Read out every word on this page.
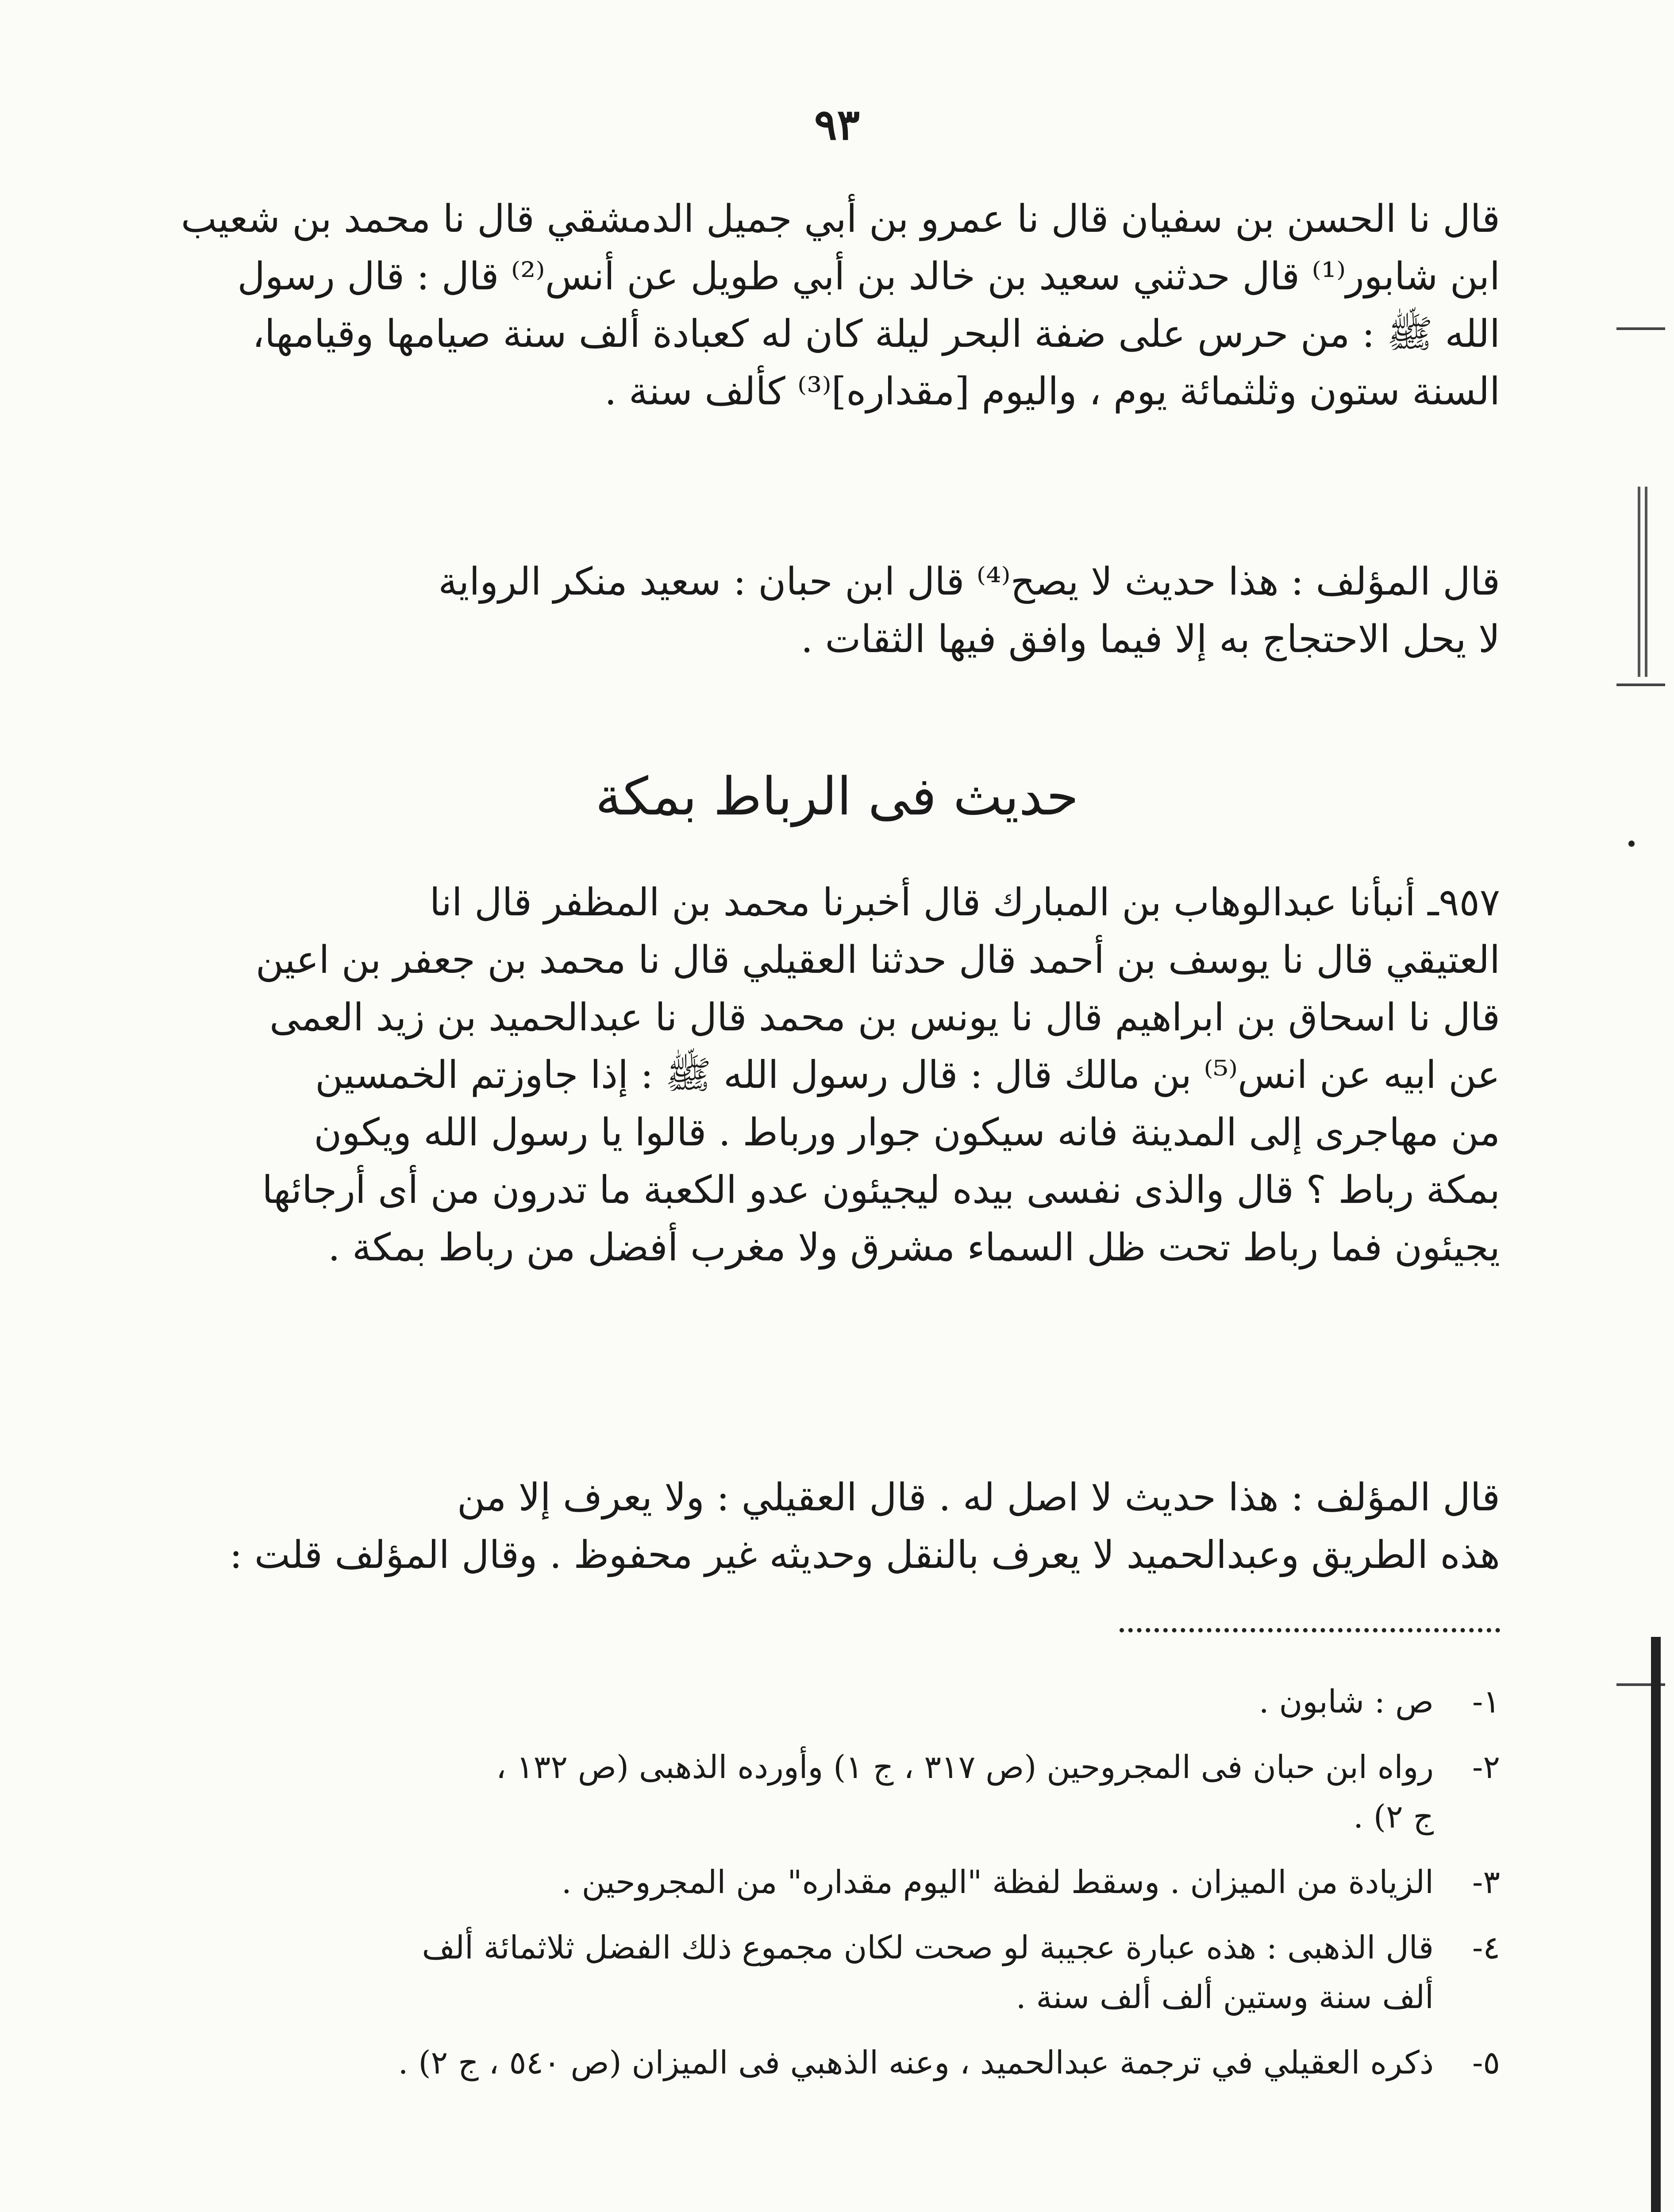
٩٣
قال نا الحسن بن سفيان قال نا عمرو بن أبي جميل الدمشقي قال نا محمد بن شعيب
ابن شابور⁽¹⁾ قال حدثني سعيد بن خالد بن أبي طويل عن أنس⁽²⁾ قال : قال رسول
الله ﷺ : من حرس على ضفة البحر ليلة كان له كعبادة ألف سنة صيامها وقيامها،
السنة ستون وثلثمائة يوم ، واليوم [مقداره]⁽³⁾ كألف سنة .
قال المؤلف : هذا حديث لا يصح⁽⁴⁾ قال ابن حبان : سعيد منكر الرواية
لا يحل الاحتجاج به إلا فيما وافق فيها الثقات .
حديث فى الرباط بمكة
٩٥٧ـ أنبأنا عبدالوهاب بن المبارك قال أخبرنا محمد بن المظفر قال انا
العتيقي قال نا يوسف بن أحمد قال حدثنا العقيلي قال نا محمد بن جعفر بن اعين
قال نا اسحاق بن ابراهيم قال نا يونس بن محمد قال نا عبدالحميد بن زيد العمى
عن ابيه عن انس⁽⁵⁾ بن مالك قال : قال رسول الله ﷺ : إذا جاوزتم الخمسين
من مهاجرى إلى المدينة فانه سيكون جوار ورباط . قالوا يا رسول الله ويكون
بمكة رباط ؟ قال والذى نفسى بيده ليجيئون عدو الكعبة ما تدرون من أى أرجائها
يجيئون فما رباط تحت ظل السماء مشرق ولا مغرب أفضل من رباط بمكة .
قال المؤلف : هذا حديث لا اصل له . قال العقيلي : ولا يعرف إلا من
هذه الطريق وعبدالحميد لا يعرف بالنقل وحديثه غير محفوظ . وقال المؤلف قلت :
١-
ص : شابون .
٢-
رواه ابن حبان فى المجروحين (ص ٣١٧ ، ج ١) وأورده الذهبى (ص ١٣٢ ،
ج ٢) .
٣-
الزيادة من الميزان . وسقط لفظة "اليوم مقداره" من المجروحين .
٤-
قال الذهبى : هذه عبارة عجيبة لو صحت لكان مجموع ذلك الفضل ثلاثمائة ألف
ألف سنة وستين ألف ألف سنة .
٥-
ذكره العقيلي في ترجمة عبدالحميد ، وعنه الذهبي فى الميزان (ص ٥٤٠ ، ج ٢) .
